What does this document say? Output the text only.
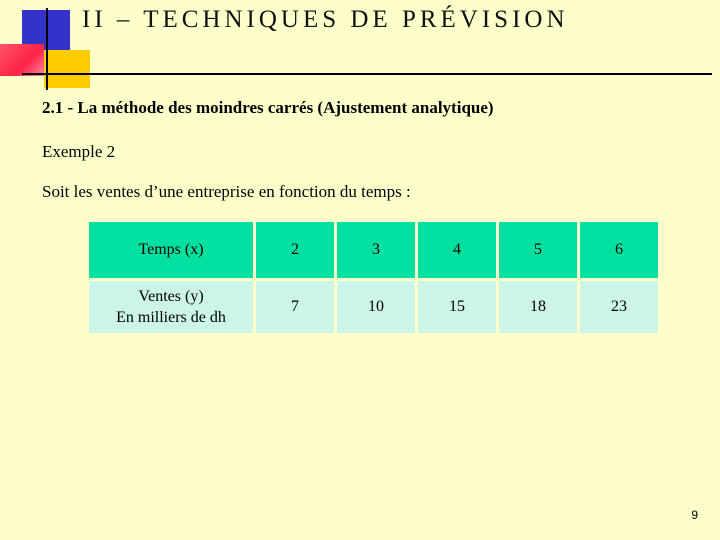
II – TECHNIQUES DE PRÉVISION

2.1 - La méthode des moindres carrés (Ajustement analytique)

Exemple 2

Soit les ventes d’une entreprise en fonction du temps :

Temps (x)	2	3	4	5	6

Ventes (y)
En milliers de dh	7	10	15	18	23

9
